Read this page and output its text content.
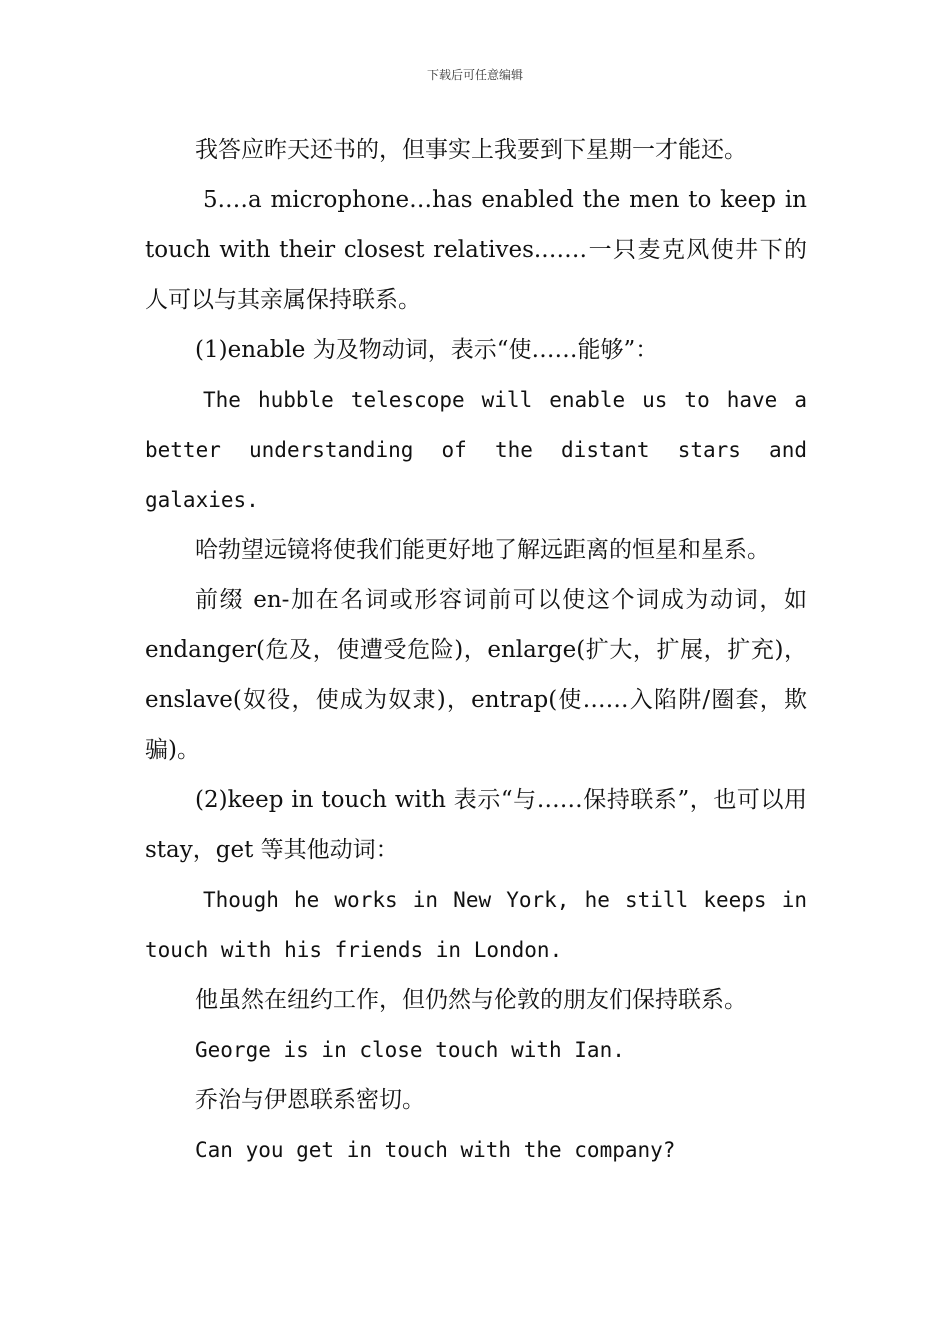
下载后可任意编辑

我答应昨天还书的，但事实上我要到下星期一才能还。

5.…a microphone…has enabled the men to keep in touch with their closest relatives.……一只麦克风使井下的人可以与其亲属保持联系。

(1)enable 为及物动词，表示“使……能够”：

The hubble telescope will enable us to have a better understanding of the distant stars and galaxies.

哈勃望远镜将使我们能更好地了解远距离的恒星和星系。

前缀 en-加在名词或形容词前可以使这个词成为动词，如 endanger(危及，使遭受危险)，enlarge(扩大，扩展，扩充)，enslave(奴役，使成为奴隶)，entrap(使……入陷阱/圈套，欺骗)。

(2)keep in touch with 表示“与……保持联系”，也可以用 stay，get 等其他动词：

Though he works in New York, he still keeps in touch with his friends in London.

他虽然在纽约工作，但仍然与伦敦的朋友们保持联系。

George is in close touch with Ian.

乔治与伊恩联系密切。

Can you get in touch with the company?
